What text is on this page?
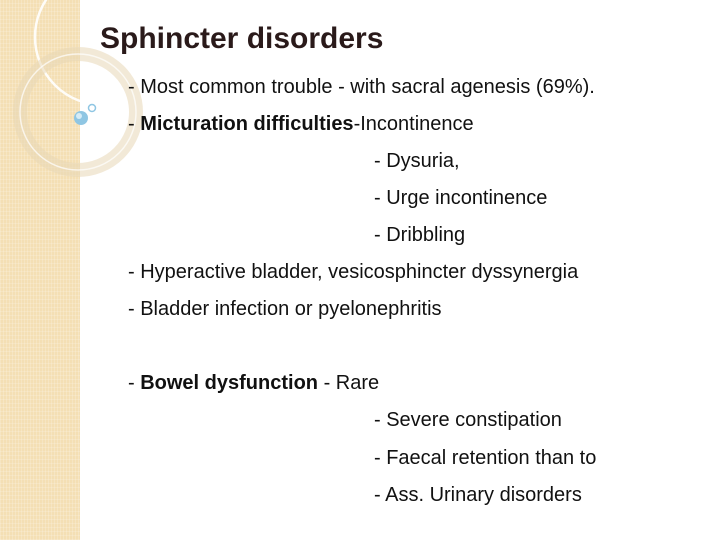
Sphincter disorders
- Most common trouble - with sacral agenesis (69%).
- Micturation difficulties-Incontinence
- Dysuria,
- Urge incontinence
- Dribbling
- Hyperactive bladder, vesicosphincter dyssynergia
- Bladder infection or pyelonephritis
- Bowel dysfunction - Rare
- Severe constipation
- Faecal retention than to
- Ass. Urinary disorders
